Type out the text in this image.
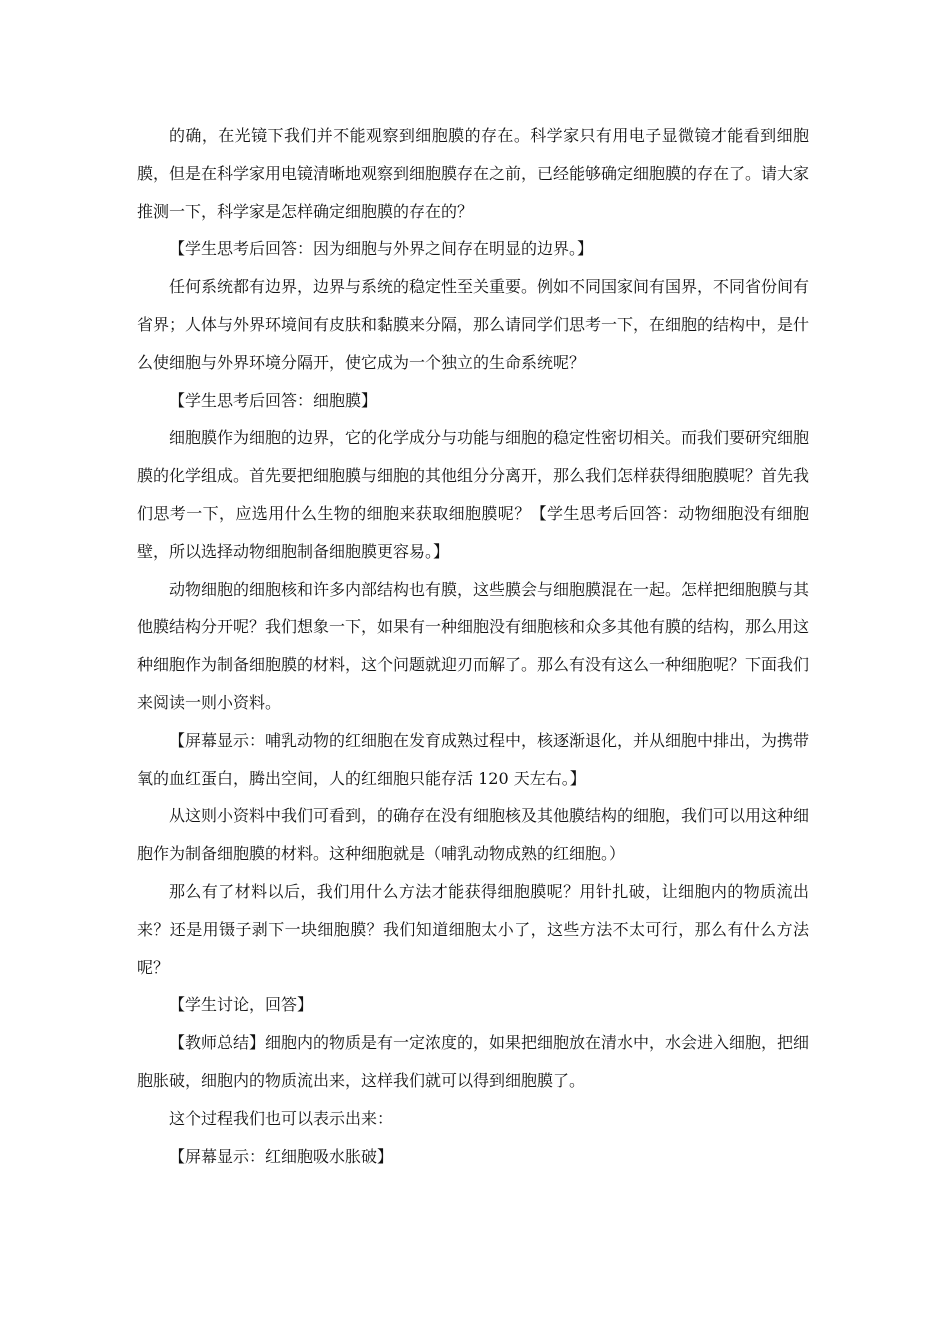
的确，在光镜下我们并不能观察到细胞膜的存在。科学家只有用电子显微镜才能看到细胞膜，但是在科学家用电镜清晰地观察到细胞膜存在之前，已经能够确定细胞膜的存在了。请大家推测一下，科学家是怎样确定细胞膜的存在的？

【学生思考后回答：因为细胞与外界之间存在明显的边界。】

任何系统都有边界，边界与系统的稳定性至关重要。例如不同国家间有国界，不同省份间有省界；人体与外界环境间有皮肤和黏膜来分隔，那么请同学们思考一下，在细胞的结构中，是什么使细胞与外界环境分隔开，使它成为一个独立的生命系统呢？

【学生思考后回答：细胞膜】

细胞膜作为细胞的边界，它的化学成分与功能与细胞的稳定性密切相关。而我们要研究细胞膜的化学组成。首先要把细胞膜与细胞的其他组分分离开，那么我们怎样获得细胞膜呢？首先我们思考一下，应选用什么生物的细胞来获取细胞膜呢？【学生思考后回答：动物细胞没有细胞壁，所以选择动物细胞制备细胞膜更容易。】

动物细胞的细胞核和许多内部结构也有膜，这些膜会与细胞膜混在一起。怎样把细胞膜与其他膜结构分开呢？我们想象一下，如果有一种细胞没有细胞核和众多其他有膜的结构，那么用这种细胞作为制备细胞膜的材料，这个问题就迎刃而解了。那么有没有这么一种细胞呢？下面我们来阅读一则小资料。

【屏幕显示：哺乳动物的红细胞在发育成熟过程中，核逐渐退化，并从细胞中排出，为携带氧的血红蛋白，腾出空间，人的红细胞只能存活 120 天左右。】

从这则小资料中我们可看到，的确存在没有细胞核及其他膜结构的细胞，我们可以用这种细胞作为制备细胞膜的材料。这种细胞就是（哺乳动物成熟的红细胞。）

那么有了材料以后，我们用什么方法才能获得细胞膜呢？用针扎破，让细胞内的物质流出来？还是用镊子剥下一块细胞膜？我们知道细胞太小了，这些方法不太可行，那么有什么方法呢？

【学生讨论，回答】

【教师总结】细胞内的物质是有一定浓度的，如果把细胞放在清水中，水会进入细胞，把细胞胀破，细胞内的物质流出来，这样我们就可以得到细胞膜了。

这个过程我们也可以表示出来：

【屏幕显示：红细胞吸水胀破】
